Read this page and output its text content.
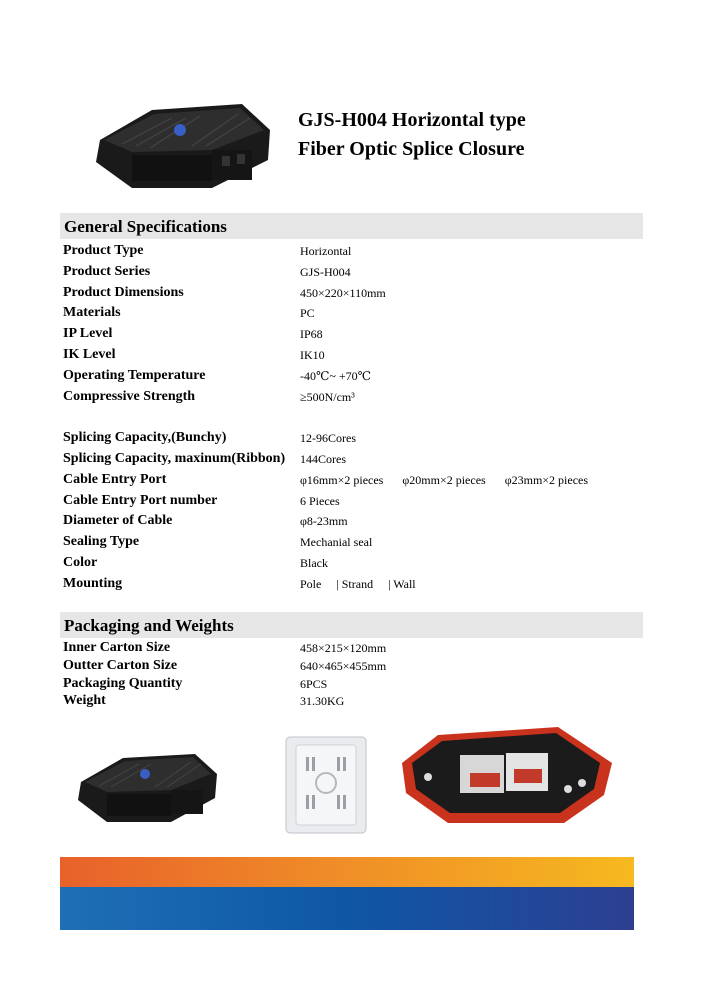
GJS-H004 Horizontal type
Fiber Optic Splice Closure
General Specifications
Product Type	Horizontal
Product Series	GJS-H004
Product Dimensions	450×220×110mm
Materials	PC
IP Level	IP68
IK Level	IK10
Operating Temperature	-40℃~ +70℃
Compressive Strength	≥500N/cm³
Splicing Capacity,(Bunchy)	12-96Cores
Splicing Capacity, maxinum(Ribbon) 144Cores
Cable Entry Port	φ16mm×2 pieces φ20mm×2 pieces φ23mm×2 pieces
Cable Entry Port number	6 Pieces
Diameter of Cable	φ8-23mm
Sealing Type	Mechanial seal
Color	Black
Mounting	Pole | Strand | Wall
Packaging and Weights
Inner Carton Size	458×215×120mm
Outter Carton Size	640×465×455mm
Packaging Quantity	6PCS
Weight	31.30KG
